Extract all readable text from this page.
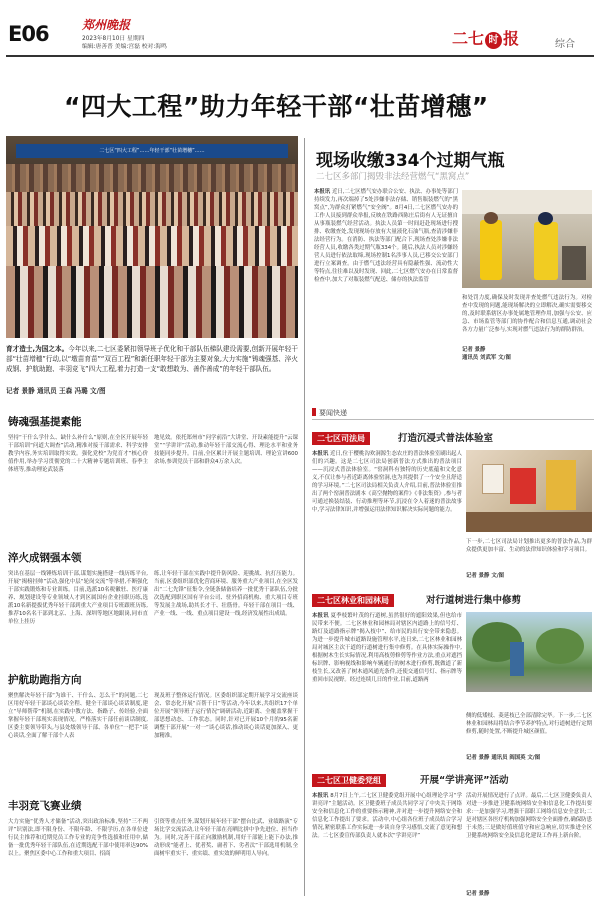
E06	郑州晚报
2023年8月10日 星期四
编辑:唐善普 美编:宫磊 校对:海鸣	二七 时 报	综合
“四大工程”助力年轻干部“壮苗增穗”
二七区“四大工程”……年轻干部“壮苗增穗”……
育才造士,为国之本。今年以来,二七区委紧扣领导班子优化和干部队伍梯队建设需要,创新开展年轻干部“壮苗增穗”行动,以“墩苗育苗”“双百工程”和新任职年轻干部为主要对象,大力实施“铸魂强基、淬火成钢、护航助跑、丰羽竞飞”四大工程,着力打造一支“敢想敢为、善作善成”的年轻干部队伍。
记者 景静 通讯员 王森 冯璐 文/图
铸魂强基提素能
坚持“干什么学什么、缺什么补什么”原则,在全区开展年轻干部培训“问道大调查”活动,精准对接干部需求、科学安排教学内容,务实培训取得实效。强化党校“为党育才”核心价值作用,举办学习贯彻党的二十大精神专题培训班、春季主体班等,推动理论武装落
地见效。依托郑州市“问学前沿”大讲堂、开设素能提升“云课堂”“学讲评”活动,推动年轻干部交流心得、理论水平和业务技能同步提升。目前,全区累计开展主题培训、理论宣讲600余场,参训党员干部和群众4万余人次。
淬火成钢强本领
突出在基层一线锤炼培训干部,谋划实施搭建一线历练平台,开展“揭榜挂帅”活动,强化中层“轮岗交流”等举措,不断强化干部实践锻炼和专业训练。目前,选派10名税徽驻、医疗康养、规划建设等专业领域人才到区属国有企业挂职历练,选派10名新提拔优秀年轻干部到重大产业项目专班跟班历练,推荐10名名干部到北京、上海、深圳等地区地跟岗,同市直单位上挂历
练,让年轻干部在实践中提升防风险、迎挑战、抗打压能力。当前,区委组织部优化营商环境、服务重大产业项目,在全区发出“二七先锋”征集令,全链条储备培养一批优秀干部队伍,分批次选配到职区国有平台公司、驻外招商机构、重大项目专班等发展主战场,助其长才干、壮筋骨。年轻干部在项目一线、产业一线、一线、重点项目建设一线,经济发展性出成绩。
护航助跑指方向
聚焦解决年轻干部“为谁干、干什么、怎么干”的问题,二七区用好年轻干部谈心谈话全程、健全干部谈心谈话制度,建立“导师帮带”机制,在实践中教方法、指路子、传经验,全面掌握年轻干部现实表现情况。严格落实干部任前谈话制度,区委主要领导带头,与县处级领导干部、各单位“一把手”谈心谈话,全面了解干部个人表
现及班子整体运行情况。区委组织部定期开展学习交流座谈会、常态化开展“百帮千日”等活动,今年以来,共组织17个单位开展“领导班子运行情况”调研活动,近距离、全覆盖掌握干部思想动态、工作状态。同时,针对已开展10个月的95名新调整干部开展“一对一”谈心谈话,推动谈心谈话更加深入、更加精准。
丰羽竞飞赛业绩
大力实施“优秀人才储备”活动,突出政治标准,坚持“三不两评”识别法,即不限身份、不限年龄、不限学历,在各单位进行民主推荐和近期党员工作专业的竞争性选拔和任用中,储备一批优秀年轻干部队伍,在近期选配干部中使用率达90%以上。聚焦区委中心工作和重大项目、招商
引资等重点任务,谋划开展年轻干部“摆台比武、业绩路演”专场比学交流活动,让年轻干部在亮晒比拼中争先进位、担当作为。同时,完善干部正向激励机制,用好干部能上能下办法,推动形成“能者上、优者奖、庸者下、劣者汰”干部选用机制,全面树牢重实干、重实绩、重实效的鲜明用人导向。
现场收缴334个过期气瓶
二七区多部门揭毁非法经营燃气“黑窝点”
本报讯 近日,二七区燃气安办联合公安、执法、办事处等部门持续发力,再次端掉了5处涉嫌非法存储、销售瓶装燃气的“黑窝点”,为群众打紧燃气“安全阀”。8月4日,二七区燃气安办的工作人员接到群众举报,反映在铁路西陈庄后街有人无证擅自从事瓶装燃气经营活动。执法人员第一时间赶赴现场进行搜排、收缴查处,发现现场存放有大量液化石油气瓶,查清涉嫌非法经营行为。在消防、执法等部门配合下,现场查处涉嫌非法经营人员,收缴各类过期气瓶334个。随后,执法人员对涉嫌经营人员进行依法取缔,现场控制1名涉事人员,已移交公安部门进行立案调查。由于燃气违法经营具有隐蔽性强、流动性大等特点,往往难以及时发现、回此,二七区燃气安办在日常监督检查中,加大了对瓶装燃气配送、储存的执法监管
和处罚力度,确保及时发现并查处燃气违法行为。对检查中发现的问题,能现场解决的立即解决,确实需要移交的,及时联系辖区办事处属地管理作用,加强与公安、应急、市场监管等部门的协作配合和信息互通,调动社会各方力量广泛参与,实现对燃气违法行为的群防群治。
记者 景静
通讯员 刘武军 文/图
要闻快递
二七区司法局	打造沉浸式普法体验室
本报讯 近日,位于樱桃沟欢洞源生态农庄的普法体验室刷出起人们的兴趣。这是二七区司法局创新普法方式推出的普法项目——沉浸式普法体验室。“窑洞科有独特的历史底蕴和文化意义,不仅让参与者近距离体验窑洞,也为其提供了一个安全且舒适的学习环境。”二七区司法局相关负责人介绍,目前,普法体验室推出了两个窑洞普法剧本《高空抛物的案件》《非法集资》,参与者可通过换装结装、行动推理等环节,沉浸在令人着迷的普法故事中,学习法律知识,并增强运用法律知识解决实际问题的能力。
下一步,二七区司法局计划推出更多的普法作品,为群众提供更加丰富、生动的法律知识体验和学习项目。
记者 景静 文/图
二七区林业和园林局	对行道树进行集中修剪
本报讯 夏季枝繁叶茂的行道树,虽然很好的遮阳效果,但也给市民带来不便。二七区林业和园林局对辖区内道路上的信号灯、路灯及道路指示牌“揭入枝中”、给市民的出行安全带来隐患。为进一步提升城市道路设施管理水平,连日来,二七区林业和园林局对城区主次干道的行道树进行集中修剪。在具体实际操作中,根据树木生长实际情况,利用高枝剪修剪等作业方法,重点对遮挡标识牌、影响视线和影响车辆通行的树木进行修剪,既做道了新枝生长,又改善了树木通风通光条件,还使交通信号灯、指示牌等重回市民视野。经过连续几日的作业,目前,道路两
侧的低矮枝、菱延枝已全部清除完毕。下一步,二七区林业和园林局将结合季节养护特点,对行道树进行定期修剪,随时处置,不断提升城区颜值。
记者 景静 通讯员 阎国英 文/图
二七区卫健委党组	开展“学讲亮评”活动
本报讯 8月7日上午,二七区卫健委党组开展中心组理论学习“学讲亮评”主题活动。区卫健委班子成员共同学习了中央关于网络安全和信息化工作的重要指示精神,并对进一步提升网络安全和信息化工作提出了要求。活动中,中心组各位班子成员结合学习情况,紧密联系工作实际进一步谈自身学习感悟,交流了意见和想法。二七区委宣传部负责人就本次“学讲亮评”
活动开展情况进行了点评。最后,二七区卫健委负责人对进一步推进卫健系统网络安全和信息化工作提出要求:一是加强学习,增强干部职工网络信息安全意识;二是对辖区各医疗机构加强网络安全全面排查,确保防患于未然;三是做好值班值守和应急响应,切实推进全区卫健系统网络安全及信息化建设工作再上新台阶。
记者 景静
